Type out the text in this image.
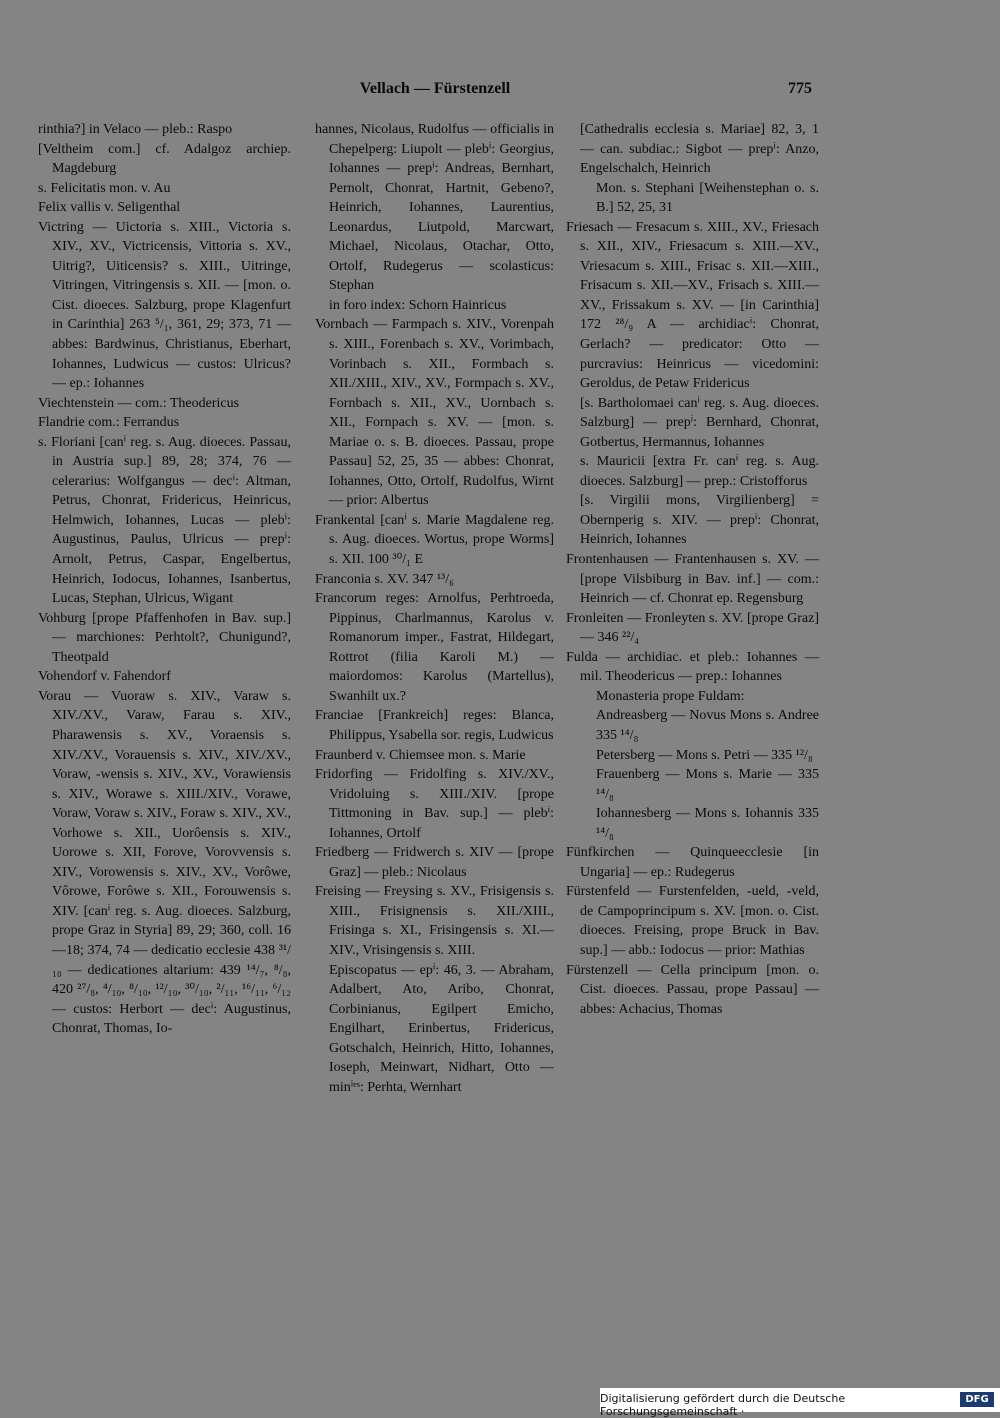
Vellach — Fürstenzell	775

rinthia?] in Velaco — pleb.: Raspo

[Veltheim com.] cf. Adalgoz archiep. Magdeburg

s. Felicitatis mon. v. Au

Felix vallis v. Seligenthal

Victring — Uictoria s. XIII., Victoria s. XIV., XV., Victricensis, Vittoria s. XV., Uitrig?, Uiticensis? s. XIII., Uitringe, Vitringen, Vitringensis s. XII. — [mon. o. Cist. dioeces. Salzburg, prope Klagenfurt in Carinthia] 263 ⁵/₁, 361, 29; 373, 71 — abbes: Bardwinus, Christianus, Eberhart, Iohannes, Ludwicus — custos: Ulricus? — ep.: Iohannes

Viechtenstein — com.: Theodericus

Flandrie com.: Ferrandus

s. Floriani [canⁱ reg. s. Aug. dioeces. Passau, in Austria sup.] 89, 28; 374, 76 — celerarius: Wolfgangus — decⁱ: Altman, Petrus, Chonrat, Fridericus, Heinricus, Helmwich, Iohannes, Lucas — plebⁱ: Augustinus, Paulus, Ulricus — prepⁱ: Arnolt, Petrus, Caspar, Engelbertus, Heinrich, Iodocus, Iohannes, Isanbertus, Lucas, Stephan, Ulricus, Wigant

Vohburg [prope Pfaffenhofen in Bav. sup.] — marchiones: Perhtolt?, Chunigund?, Theotpald

Vohendorf v. Fahendorf

Vorau — Vuoraw s. XIV., Varaw s. XIV./XV., Varaw, Farau s. XIV., Pharawensis s. XV., Voraensis s. XIV./XV., Vorauensis s. XIV., XIV./XV., Voraw, -wensis s. XIV., XV., Vorawiensis s. XIV., Worawe s. XIII./XIV., Vorawe, Voraw, Voraw s. XIV., Foraw s. XIV., XV., Vorhowe s. XII., Uorôensis s. XIV., Uorowe s. XII, Forove, Vorovvensis s. XIV., Vorowensis s. XIV., XV., Vorôwe, Vôrowe, Forôwe s. XII., Forouwensis s. XIV. [canⁱ reg. s. Aug. dioeces. Salzburg, prope Graz in Styria] 89, 29; 360, coll. 16—18; 374, 74 — dedicatio ecclesie 438 ³¹/₁₀ — dedicationes altarium: 439 ¹⁴/₇, ⁸/₈, 420 ²⁷/₈, ⁴/₁₀, ⁸/₁₀, ¹²/₁₀, ³⁰/₁₀, ²/₁₁, ¹⁶/₁₁, ⁶/₁₂ — custos: Herbort — decⁱ: Augustinus, Chonrat, Thomas, Io-

hannes, Nicolaus, Rudolfus — officialis in Chepelperg: Liupolt — plebⁱ: Georgius, Iohannes — prepⁱ: Andreas, Bernhart, Pernolt, Chonrat, Hartnit, Gebeno?, Heinrich, Iohannes, Laurentius, Leonardus, Liutpold, Marcwart, Michael, Nicolaus, Otachar, Otto, Ortolf, Rudegerus — scolasticus: Stephan

in foro index: Schorn Hainricus

Vornbach — Farmpach s. XIV., Vorenpah s. XIII., Forenbach s. XV., Vorimbach, Vorinbach s. XII., Formbach s. XII./XIII., XIV., XV., Formpach s. XV., Fornbach s. XII., XV., Uornbach s. XII., Fornpach s. XV. — [mon. s. Mariae o. s. B. dioeces. Passau, prope Passau] 52, 25, 35 — abbes: Chonrat, Iohannes, Otto, Ortolf, Rudolfus, Wirnt — prior: Albertus

Frankental [canⁱ s. Marie Magdalene reg. s. Aug. dioeces. Wortus, prope Worms] s. XII. 100 ³⁰/₁ E

Franconia s. XV. 347 ¹³/₆

Francorum reges: Arnolfus, Perhtroeda, Pippinus, Charlmannus, Karolus v. Romanorum imper., Fastrat, Hildegart, Rottrot (filia Karoli M.) — maiordomos: Karolus (Martellus), Swanhilt ux.?

Franciae [Frankreich] reges: Blanca, Philippus, Ysabella sor. regis, Ludwicus

Fraunberd v. Chiemsee mon. s. Marie

Fridorfing — Fridolfing s. XIV./XV., Vridoluing s. XIII./XIV. [prope Tittmoning in Bav. sup.] — plebⁱ: Iohannes, Ortolf

Friedberg — Fridwerch s. XIV — [prope Graz] — pleb.: Nicolaus

Freising — Freysing s. XV., Frisigensis s. XIII., Frisignensis s. XII./XIII., Frisinga s. XI., Frisingensis s. XI.—XIV., Vrisingensis s. XIII.

Episcopatus — epⁱ: 46, 3. — Abraham, Adalbert, Ato, Aribo, Chonrat, Corbinianus, Egilpert Emicho, Engilhart, Erinbertus, Fridericus, Gotschalch, Heinrich, Hitto, Iohannes, Ioseph, Meinwart, Nidhart, Otto — minⁱᵉˢ: Perhta, Wernhart

[Cathedralis ecclesia s. Mariae] 82, 3, 1 — can. subdiac.: Sigbot — prepⁱ: Anzo, Engelschalch, Heinrich

Mon. s. Stephani [Weihenstephan o. s. B.] 52, 25, 31

Friesach — Fresacum s. XIII., XV., Friesach s. XII., XIV., Friesacum s. XIII.—XV., Vriesacum s. XIII., Frisac s. XII.—XIII., Frisacum s. XII.—XV., Frisach s. XIII.—XV., Frissakum s. XV. — [in Carinthia] 172 ²⁸/₉ A — archidiacⁱ: Chonrat, Gerlach? — predicator: Otto — purcravius: Heinricus — vicedomini: Geroldus, de Petaw Fridericus

[s. Bartholomaei canⁱ reg. s. Aug. dioeces. Salzburg] — prepⁱ: Bernhard, Chonrat, Gotbertus, Hermannus, Iohannes

s. Mauricii [extra Fr. canⁱ reg. s. Aug. dioeces. Salzburg] — prep.: Cristofforus

[s. Virgilii mons, Virgilienberg] = Obernperig s. XIV. — prepⁱ: Chonrat, Heinrich, Iohannes

Frontenhausen — Frantenhausen s. XV. — [prope Vilsbiburg in Bav. inf.] — com.: Heinrich — cf. Chonrat ep. Regensburg

Fronleiten — Fronleyten s. XV. [prope Graz] — 346 ²²/₄

Fulda — archidiac. et pleb.: Iohannes — mil. Theodericus — prep.: Iohannes

Monasteria prope Fuldam:

Andreasberg — Novus Mons s. Andree 335 ¹⁴/₈

Petersberg — Mons s. Petri — 335 ¹²/₈

Frauenberg — Mons s. Marie — 335 ¹⁴/₈

Iohannesberg — Mons s. Iohannis 335 ¹⁴/₈

Fünfkirchen — Quinqueecclesie [in Ungaria] — ep.: Rudegerus

Fürstenfeld — Furstenfelden, -ueld, -veld, de Campoprincipum s. XV. [mon. o. Cist. dioeces. Freising, prope Bruck in Bav. sup.] — abb.: Iodocus — prior: Mathias

Fürstenzell — Cella principum [mon. o. Cist. dioeces. Passau, prope Passau] — abbes: Achacius, Thomas

Digitalisierung gefördert durch die Deutsche Forschungsgemeinschaft ·
DFG
